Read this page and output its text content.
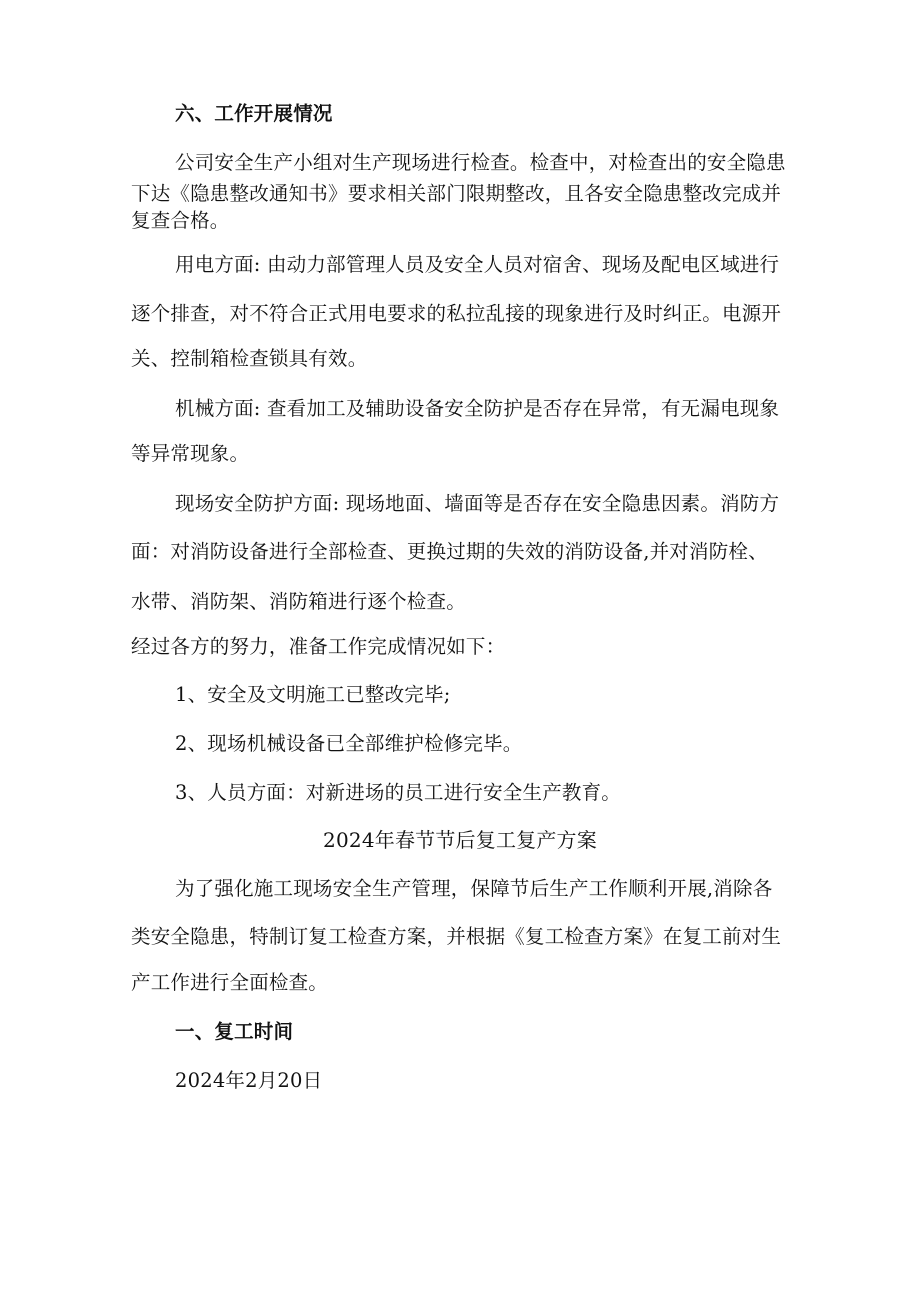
六、工作开展情况
公司安全生产小组对生产现场进行检查。检查中，对检查出的安全隐患
下达《隐患整改通知书》要求相关部门限期整改，且各安全隐患整改完成并
复查合格。
用电方面: 由动力部管理人员及安全人员对宿舍、现场及配电区域进行
逐个排查，对不符合正式用电要求的私拉乱接的现象进行及时纠正。电源开
关、控制箱检查锁具有效。
机械方面: 查看加工及辅助设备安全防护是否存在异常，有无漏电现象
等异常现象。
现场安全防护方面: 现场地面、墙面等是否存在安全隐患因素。消防方
面：对消防设备进行全部检查、更换过期的失效的消防设备,并对消防栓、
水带、消防架、消防箱进行逐个检查。
经过各方的努力，准备工作完成情况如下：
1、安全及文明施工已整改完毕;
2、现场机械设备已全部维护检修完毕。
3、人员方面：对新进场的员工进行安全生产教育。
2024年春节节后复工复产方案
为了强化施工现场安全生产管理，保障节后生产工作顺利开展,消除各
类安全隐患，特制订复工检查方案，并根据《复工检查方案》在复工前对生
产工作进行全面检查。
一、复工时间
2024年2月20日
